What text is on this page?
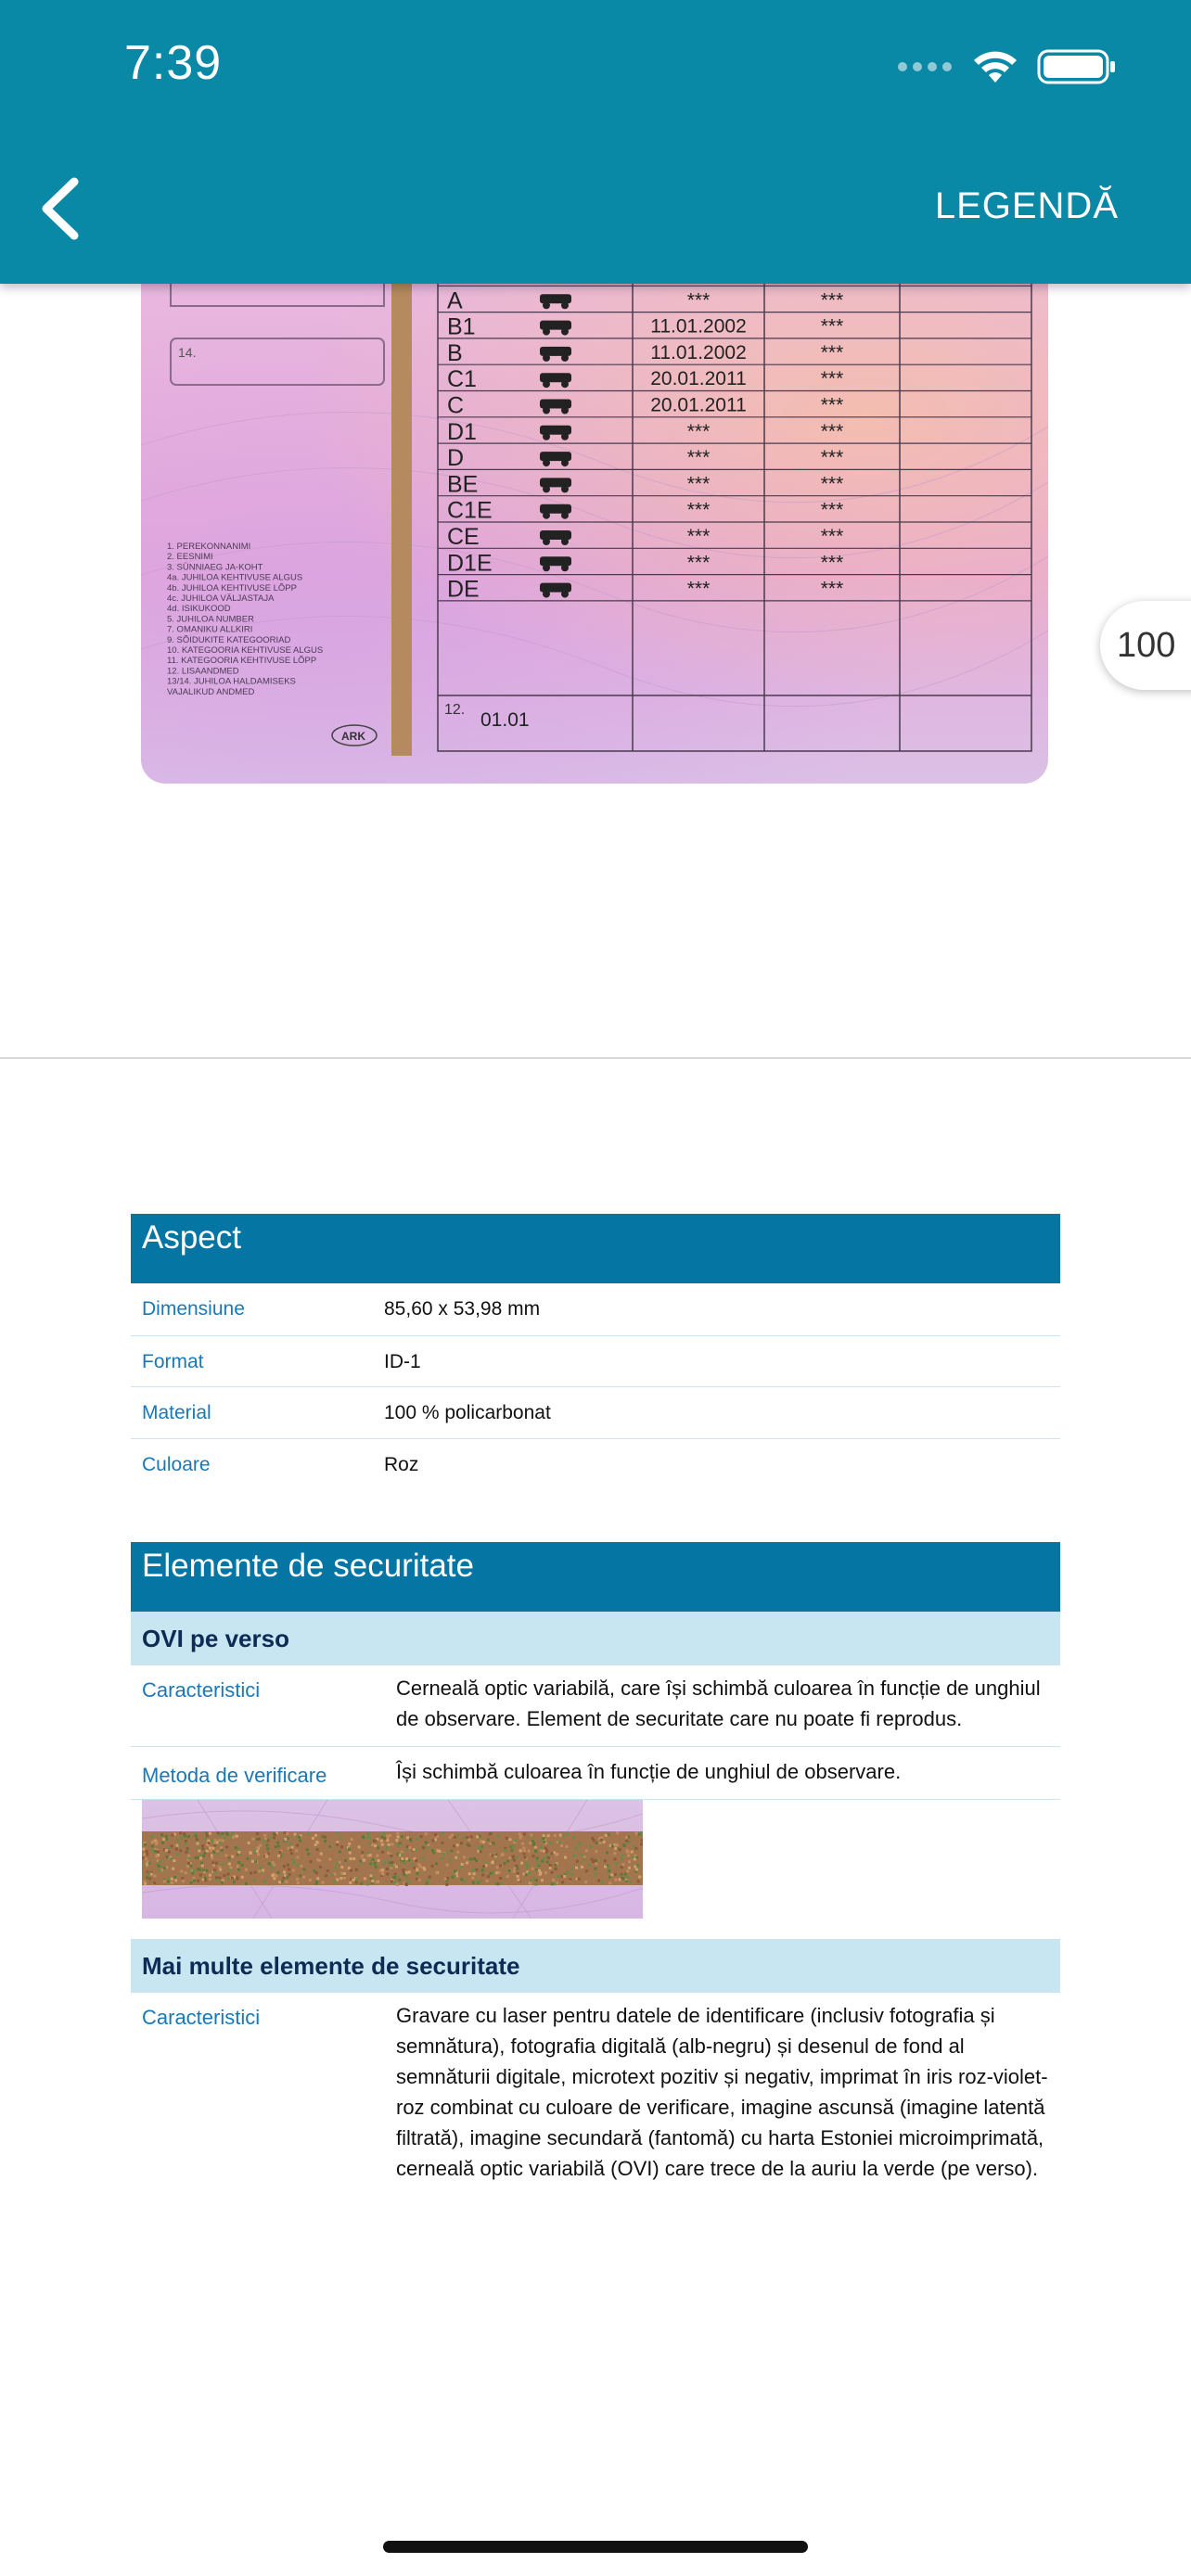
7:39
LEGENDĂ
14.
1. PEREKONNANIMI
2. EESNIMI
3. SÜNNIAEG JA-KOHT
4a. JUHILOA KEHTIVUSE ALGUS
4b. JUHILOA KEHTIVUSE LÕPP
4c. JUHILOA VÄLJASTAJA
4d. ISIKUKOOD
5. JUHILOA NUMBER
7. OMANIKU ALLKIRI
9. SÕIDUKITE KATEGOORIAD
10. KATEGOORIA KEHTIVUSE ALGUS
11. KATEGOORIA KEHTIVUSE LÕPP
12. LISAANDMED
13/14. JUHILOA HALDAMISEKS
VAJALIKUD ANDMED
ARK
A	***	***
B1	11.01.2002	***
B	11.01.2002	***
C1	20.01.2011	***
C	20.01.2011	***
D1	***	***
D	***	***
BE	***	***
C1E	***	***
CE	***	***
D1E	***	***
DE	***	***
12. 01.01
100
Aspect
Dimensiune	85,60 x 53,98 mm
Format	ID-1
Material	100 % policarbonat
Culoare	Roz
Elemente de securitate
OVI pe verso
Caracteristici	Cerneală optic variabilă, care își schimbă culoarea în funcție de unghiul de observare. Element de securitate care nu poate fi reprodus.
Metoda de verificare	Își schimbă culoarea în funcție de unghiul de observare.
Mai multe elemente de securitate
Caracteristici	Gravare cu laser pentru datele de identificare (inclusiv fotografia și semnătura), fotografia digitală (alb-negru) și desenul de fond al semnăturii digitale, microtext pozitiv și negativ, imprimat în iris roz-violet-roz combinat cu culoare de verificare, imagine ascunsă (imagine latentă filtrată), imagine secundară (fantomă) cu harta Estoniei microimprimată, cerneală optic variabilă (OVI) care trece de la auriu la verde (pe verso).
